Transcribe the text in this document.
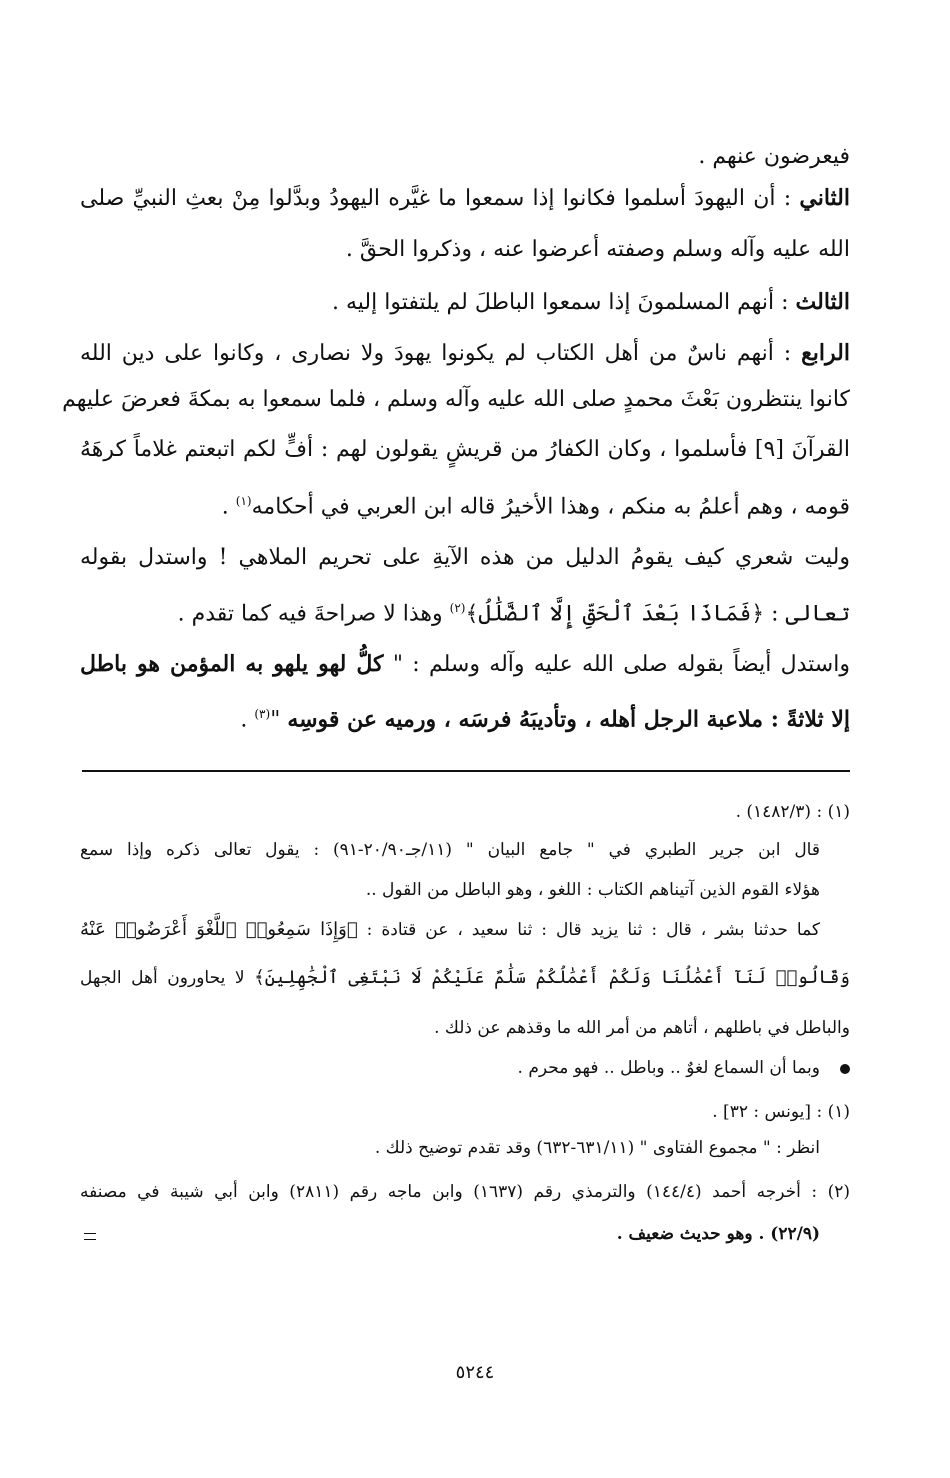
فيعرضون عنهم .
الثاني : أن اليهودَ أسلموا فكانوا إذا سمعوا ما غيَّره اليهودُ وبدَّلوا مِنْ بعثِ النبيِّ صلى
الله عليه وآله وسلم وصفته أعرضوا عنه ، وذكروا الحقَّ .
الثالث : أنهم المسلمونَ إذا سمعوا الباطلَ لم يلتفتوا إليه .
الرابع : أنهم ناسٌ من أهل الكتاب لم يكونوا يهودَ ولا نصارى ، وكانوا على دين الله
كانوا ينتظرون بَعْثَ محمدٍ صلى الله عليه وآله وسلم ، فلما سمعوا به بمكةَ فعرضَ عليهم
القرآنَ [٩] فأسلموا ، وكان الكفارُ من قريشٍ يقولون لهم : أفٍّ لكم اتبعتم غلاماً كرهَهُ
قومه ، وهم أعلمُ به منكم ، وهذا الأخيرُ قاله ابن العربي في أحكامه$^{(١)}$ .
وليت شعري كيف يقومُ الدليل من هذه الآيةِ على تحريم الملاهي ! واستدل بقوله
تعالى : ﴿فَمَاذَا بَعْدَ ٱلْحَقِّ إِلَّا ٱلضَّلَٰلُ﴾$^{(٢)}$ وهذا لا صراحةَ فيه كما تقدم .
واستدل أيضاً بقوله صلى الله عليه وآله وسلم : " كلُّ لهو يلهو به المؤمن هو باطل
إلا ثلاثةً : ملاعبة الرجل أهله ، وتأديبَهُ فرسَه ، ورميه عن قوسِه "$^{(٣)}$ .
(١) : (١٤٨٢/٣) .
قال ابن جرير الطبري في " جامع البيان " (١١/جـ٢٠/٩٠-٩١) : يقول تعالى ذكره وإذا سمع
هؤلاء القوم الذين آتيناهم الكتاب : اللغو ، وهو الباطل من القول ..
كما حدثنا بشر ، قال : ثنا يزيد قال : ثنا سعيد ، عن قتادة : ﴿وَإِذَا سَمِعُوا۟ ٱللَّغْوَ أَعْرَضُوا۟ عَنْهُ
وَقَالُوا۟ لَنَآ أَعْمَٰلُنَا وَلَكُمْ أَعْمَٰلُكُمْ سَلَٰمٌ عَلَيْكُمْ لَا نَبْتَغِى ٱلْجَٰهِلِينَ﴾ لا يحاورون أهل الجهل
والباطل في باطلهم ، أتاهم من أمر الله ما وقذهم عن ذلك .
وبما أن السماع لغوٌ .. وباطل .. فهو محرم .
(١) : [يونس : ٣٢] .
انظر : " مجموع الفتاوى " (٦٣١/١١-٦٣٢) وقد تقدم توضيح ذلك .
(٢) : أخرجه أحمد (١٤٤/٤) والترمذي رقم (١٦٣٧) وابن ماجه رقم (٢٨١١) وابن أبي شيبة في مصنفه
(٢٢/٩) . وهو حديث ضعيف .
٥٢٤٤
